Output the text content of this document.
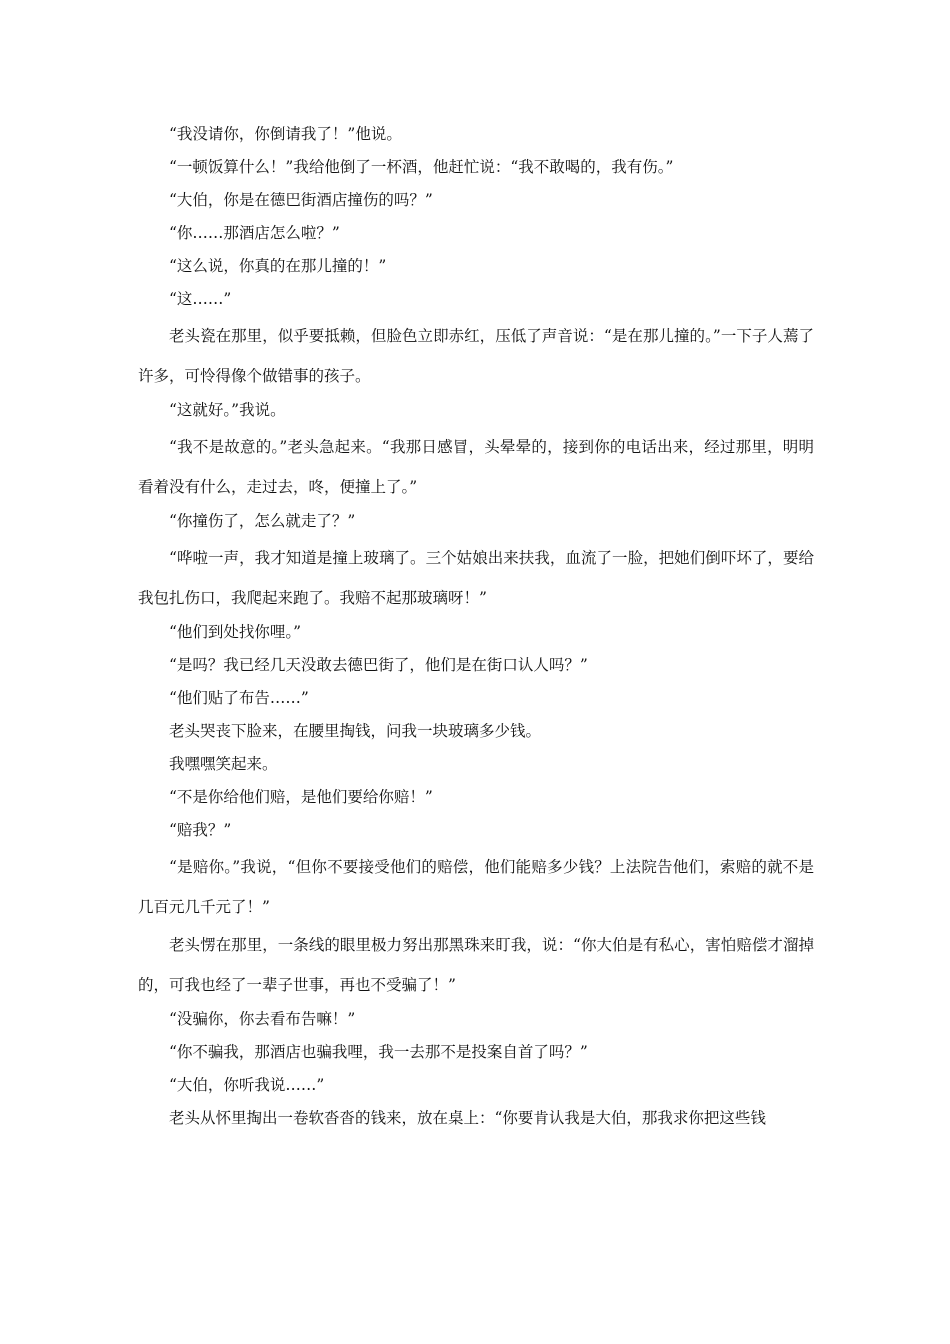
“我没请你，你倒请我了！”他说。

“一顿饭算什么！”我给他倒了一杯酒，他赶忙说：“我不敢喝的，我有伤。”

“大伯，你是在德巴街酒店撞伤的吗？”

“你……那酒店怎么啦？”

“这么说，你真的在那儿撞的！”

“这……”

老头瓷在那里，似乎要抵赖，但脸色立即赤红，压低了声音说：“是在那儿撞的。”一下子人蔫了许多，可怜得像个做错事的孩子。

“这就好。”我说。

“我不是故意的。”老头急起来。“我那日感冒，头晕晕的，接到你的电话出来，经过那里，明明看着没有什么，走过去，咚，便撞上了。”

“你撞伤了，怎么就走了？”

“哗啦一声，我才知道是撞上玻璃了。三个姑娘出来扶我，血流了一脸，把她们倒吓坏了，要给我包扎伤口，我爬起来跑了。我赔不起那玻璃呀！”

“他们到处找你哩。”

“是吗？我已经几天没敢去德巴街了，他们是在街口认人吗？”

“他们贴了布告……”

老头哭丧下脸来，在腰里掏钱，问我一块玻璃多少钱。

我嘿嘿笑起来。

“不是你给他们赔，是他们要给你赔！”

“赔我？”

“是赔你。”我说，“但你不要接受他们的赔偿，他们能赔多少钱？上法院告他们，索赔的就不是几百元几千元了！”

老头愣在那里，一条线的眼里极力努出那黑珠来盯我，说：“你大伯是有私心，害怕赔偿才溜掉的，可我也经了一辈子世事，再也不受骗了！”

“没骗你，你去看布告嘛！”

“你不骗我，那酒店也骗我哩，我一去那不是投案自首了吗？”

“大伯，你听我说……”

老头从怀里掏出一卷软沓沓的钱来，放在桌上：“你要肯认我是大伯，那我求你把这些钱
